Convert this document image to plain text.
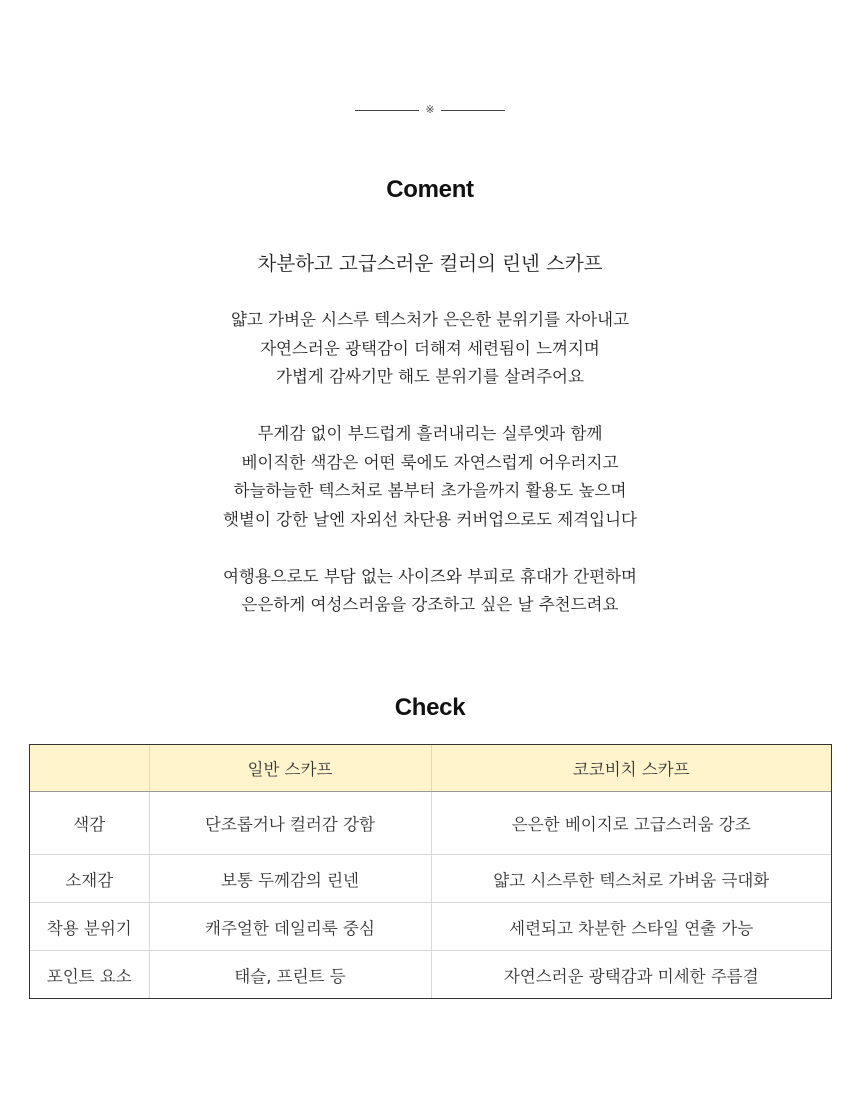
※
Coment
차분하고 고급스러운 컬러의 린넨 스카프
얇고 가벼운 시스루 텍스처가 은은한 분위기를 자아내고
자연스러운 광택감이 더해져 세련됨이 느껴지며
가볍게 감싸기만 해도 분위기를 살려주어요
무게감 없이 부드럽게 흘러내리는 실루엣과 함께
베이직한 색감은 어떤 룩에도 자연스럽게 어우러지고
하늘하늘한 텍스처로 봄부터 초가을까지 활용도 높으며
햇볕이 강한 날엔 자외선 차단용 커버업으로도 제격입니다
여행용으로도 부담 없는 사이즈와 부피로 휴대가 간편하며
은은하게 여성스러움을 강조하고 싶은 날 추천드려요
Check
	일반 스카프	코코비치 스카프
색감	단조롭거나 컬러감 강함	은은한 베이지로 고급스러움 강조
소재감	보통 두께감의 린넨	얇고 시스루한 텍스처로 가벼움 극대화
착용 분위기	캐주얼한 데일리룩 중심	세련되고 차분한 스타일 연출 가능
포인트 요소	태슬, 프린트 등	자연스러운 광택감과 미세한 주름결
